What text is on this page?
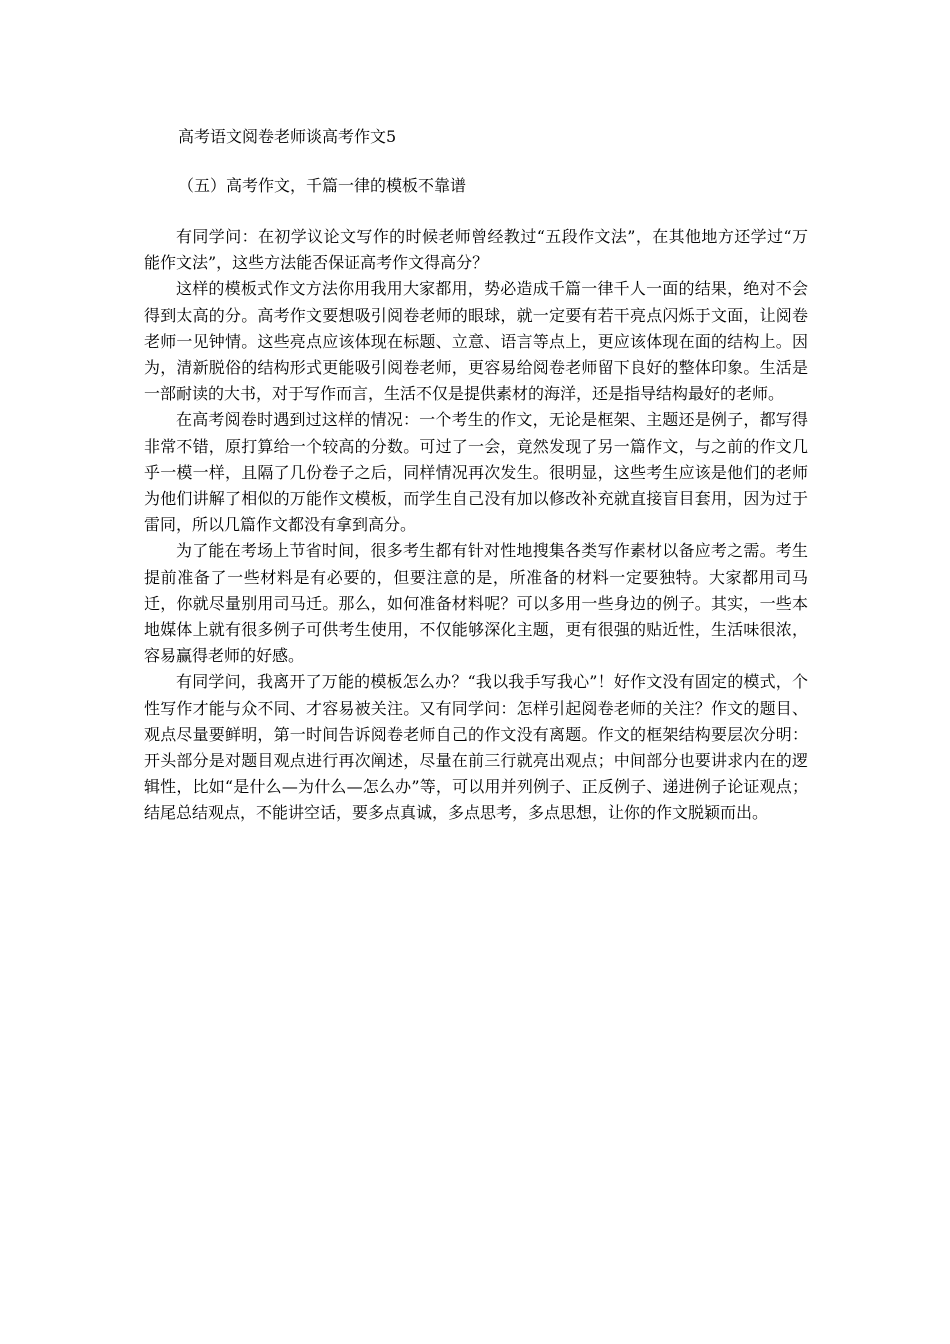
高考语文阅卷老师谈高考作文5
（五）高考作文，千篇一律的模板不靠谱

有同学问：在初学议论文写作的时候老师曾经教过“五段作文法”，在其他地方还学过“万能作文法”，这些方法能否保证高考作文得高分？

这样的模板式作文方法你用我用大家都用，势必造成千篇一律千人一面的结果，绝对不会得到太高的分。高考作文要想吸引阅卷老师的眼球，就一定要有若干亮点闪烁于文面，让阅卷老师一见钟情。这些亮点应该体现在标题、立意、语言等点上，更应该体现在面的结构上。因为，清新脱俗的结构形式更能吸引阅卷老师，更容易给阅卷老师留下良好的整体印象。生活是一部耐读的大书，对于写作而言，生活不仅是提供素材的海洋，还是指导结构最好的老师。

在高考阅卷时遇到过这样的情况：一个考生的作文，无论是框架、主题还是例子，都写得非常不错，原打算给一个较高的分数。可过了一会，竟然发现了另一篇作文，与之前的作文几乎一模一样，且隔了几份卷子之后，同样情况再次发生。很明显，这些考生应该是他们的老师为他们讲解了相似的万能作文模板，而学生自己没有加以修改补充就直接盲目套用，因为过于雷同，所以几篇作文都没有拿到高分。

为了能在考场上节省时间，很多考生都有针对性地搜集各类写作素材以备应考之需。考生提前准备了一些材料是有必要的，但要注意的是，所准备的材料一定要独特。大家都用司马迁，你就尽量别用司马迁。那么，如何准备材料呢？可以多用一些身边的例子。其实，一些本地媒体上就有很多例子可供考生使用，不仅能够深化主题，更有很强的贴近性，生活味很浓，容易赢得老师的好感。

有同学问，我离开了万能的模板怎么办？“我以我手写我心”！好作文没有固定的模式，个性写作才能与众不同、才容易被关注。又有同学问：怎样引起阅卷老师的关注？作文的题目、观点尽量要鲜明，第一时间告诉阅卷老师自己的作文没有离题。作文的框架结构要层次分明：开头部分是对题目观点进行再次阐述，尽量在前三行就亮出观点；中间部分也要讲求内在的逻辑性，比如“是什么—为什么—怎么办”等，可以用并列例子、正反例子、递进例子论证观点；结尾总结观点，不能讲空话，要多点真诚，多点思考，多点思想，让你的作文脱颖而出。
